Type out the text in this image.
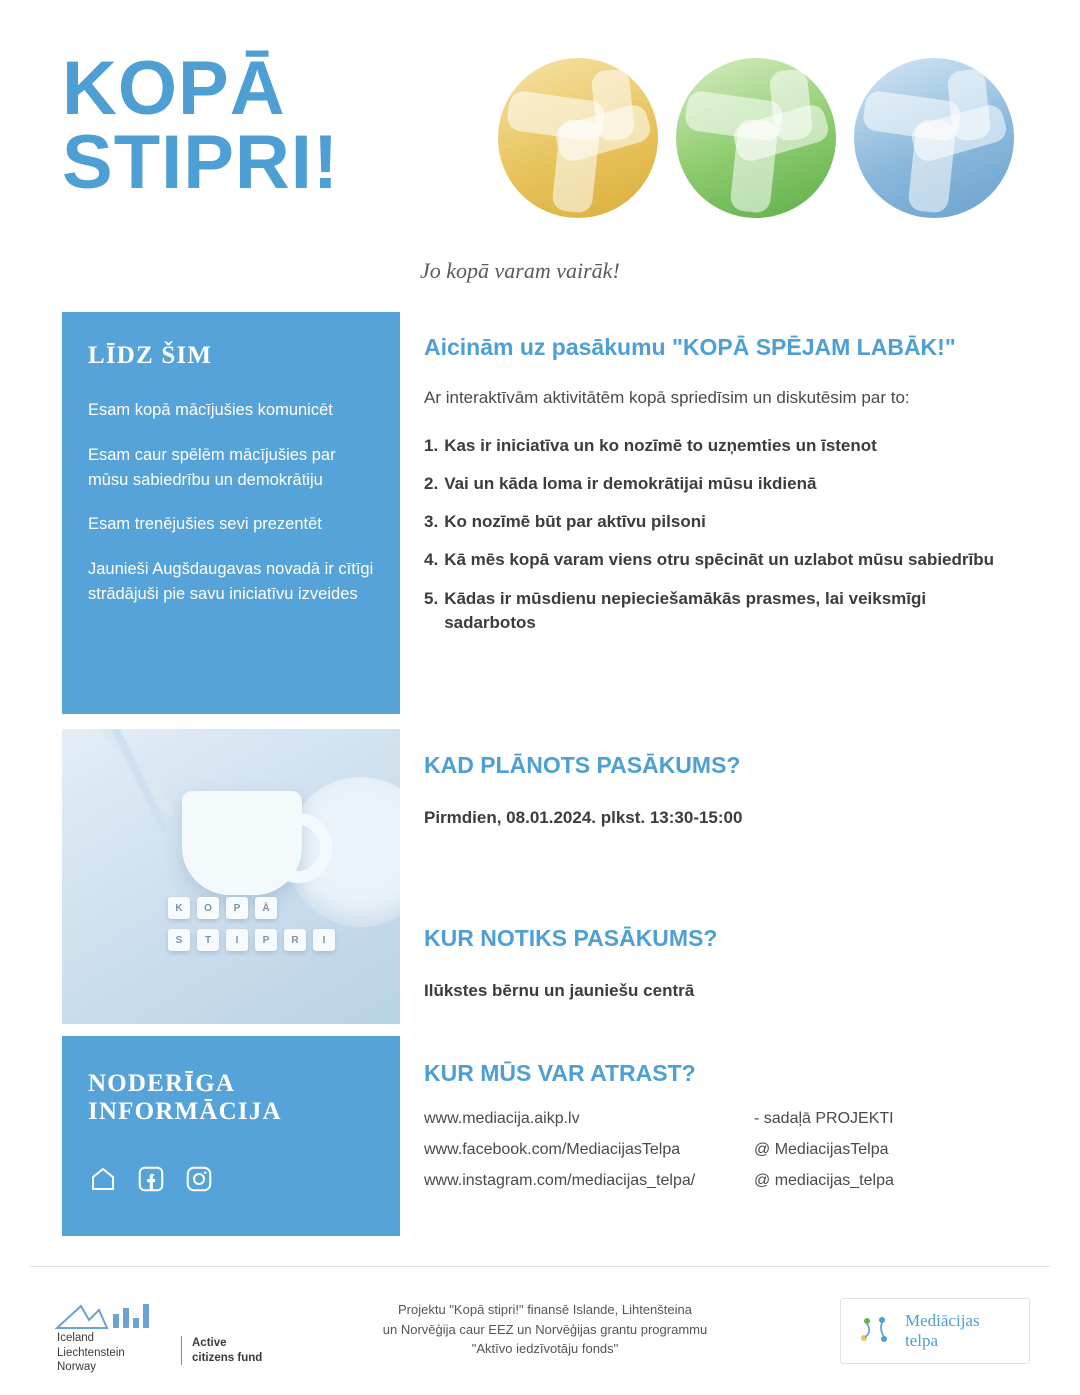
KOPĀ
STIPRI!
Jo kopā varam vairāk!
LĪDZ ŠIM
Esam kopā mācījušies komunicēt
Esam caur spēlēm mācījušies par mūsu sabiedrību un demokrātiju
Esam trenējušies sevi prezentēt
Jaunieši Augšdaugavas novadā ir cītīgi strādājuši pie savu iniciatīvu izveides
K	O	P	Ā
S	T	I	P	R	I
NODERĪGA
INFORMĀCIJA
Aicinām uz pasākumu "KOPĀ SPĒJAM LABĀK!"
Ar interaktīvām aktivitātēm kopā spriedīsim un diskutēsim par to:
1. Kas ir iniciatīva un ko nozīmē to uzņemties un īstenot
2. Vai un kāda loma ir demokrātijai mūsu ikdienā
3. Ko nozīmē būt par aktīvu pilsoni
4. Kā mēs kopā varam viens otru spēcināt un uzlabot mūsu sabiedrību
5. Kādas ir mūsdienu nepieciešamākās prasmes, lai veiksmīgi sadarbotos
KAD PLĀNOTS PASĀKUMS?
Pirmdien, 08.01.2024. plkst. 13:30-15:00
KUR NOTIKS PASĀKUMS?
Ilūkstes bērnu un jauniešu centrā
KUR MŪS VAR ATRAST?
www.mediacija.aikp.lv	- sadaļā PROJEKTI
www.facebook.com/MediacijasTelpa	@ MediacijasTelpa
www.instagram.com/mediacijas_telpa/	@ mediacijas_telpa
Iceland
Liechtenstein
Norway
Active
citizens fund
Projektu "Kopā stipri!" finansē Islande, Lihtenšteina
un Norvēģija caur EEZ un Norvēģijas grantu programmu
"Aktīvo iedzīvotāju fonds"
Mediācijas
telpa
